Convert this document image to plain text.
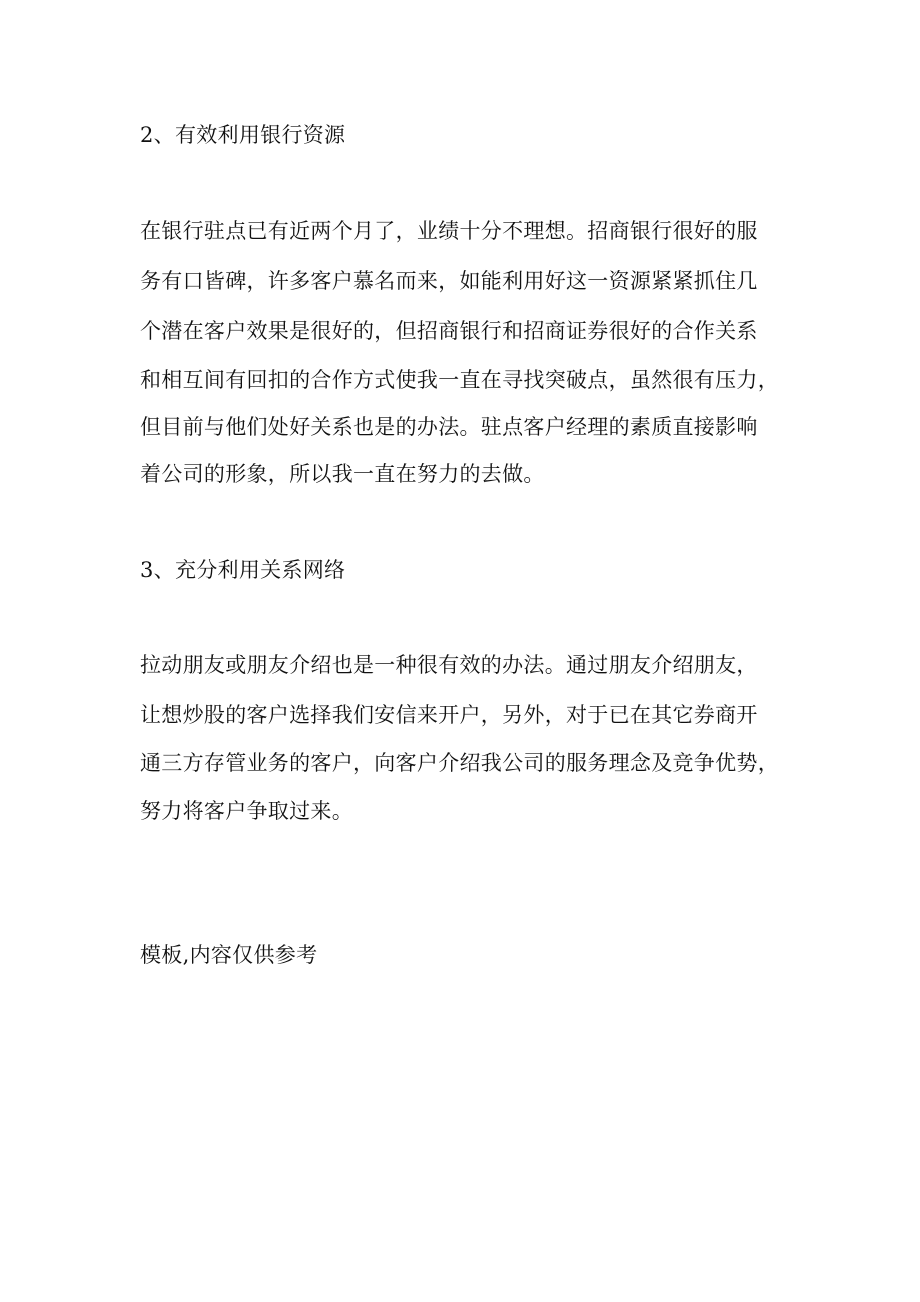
2、有效利用银行资源
在银行驻点已有近两个月了，业绩十分不理想。招商银行很好的服
务有口皆碑，许多客户慕名而来，如能利用好这一资源紧紧抓住几
个潜在客户效果是很好的，但招商银行和招商证券很好的合作关系
和相互间有回扣的合作方式使我一直在寻找突破点，虽然很有压力，
但目前与他们处好关系也是的办法。驻点客户经理的素质直接影响
着公司的形象，所以我一直在努力的去做。
3、充分利用关系网络
拉动朋友或朋友介绍也是一种很有效的办法。通过朋友介绍朋友，
让想炒股的客户选择我们安信来开户，另外，对于已在其它券商开
通三方存管业务的客户，向客户介绍我公司的服务理念及竞争优势，
努力将客户争取过来。
模板,内容仅供参考
